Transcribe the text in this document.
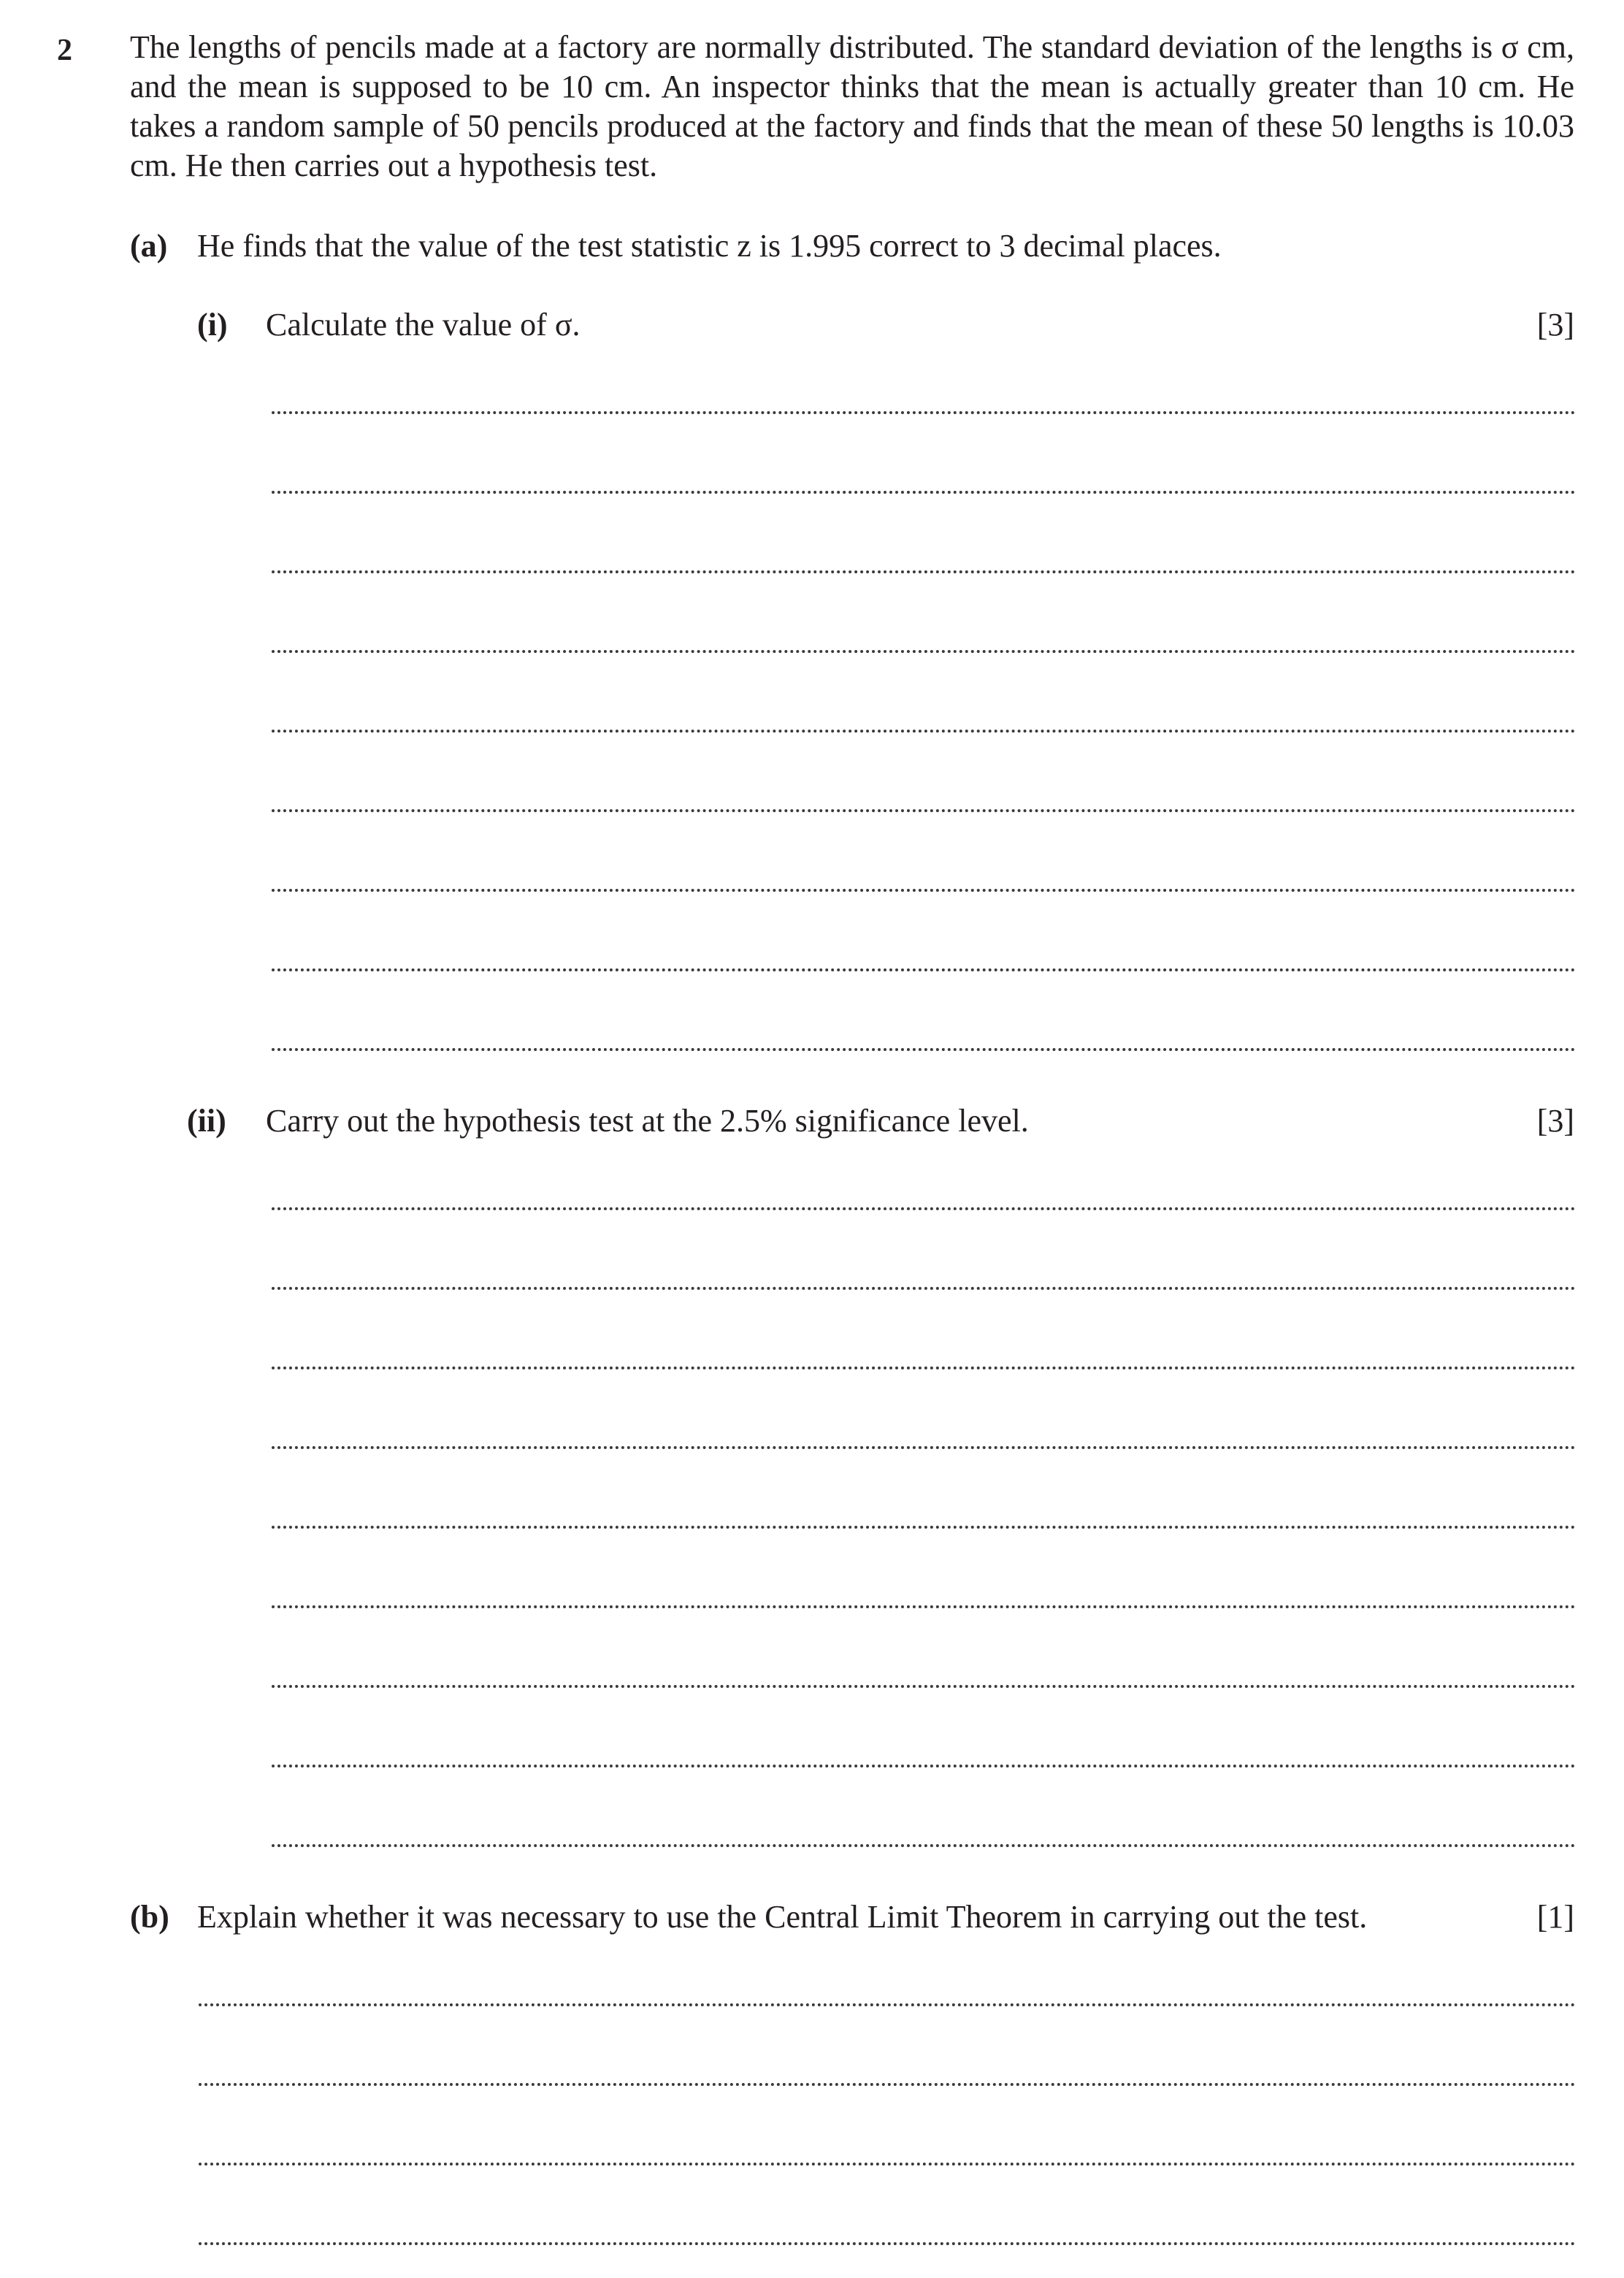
2 The lengths of pencils made at a factory are normally distributed. The standard deviation of the lengths is σ cm, and the mean is supposed to be 10 cm. An inspector thinks that the mean is actually greater than 10 cm. He takes a random sample of 50 pencils produced at the factory and finds that the mean of these 50 lengths is 10.03 cm. He then carries out a hypothesis test.

(a) He finds that the value of the test statistic z is 1.995 correct to 3 decimal places.
(i) Calculate the value of σ.	[3]
(ii) Carry out the hypothesis test at the 2.5% significance level.	[3]
(b) Explain whether it was necessary to use the Central Limit Theorem in carrying out the test.	[1]
